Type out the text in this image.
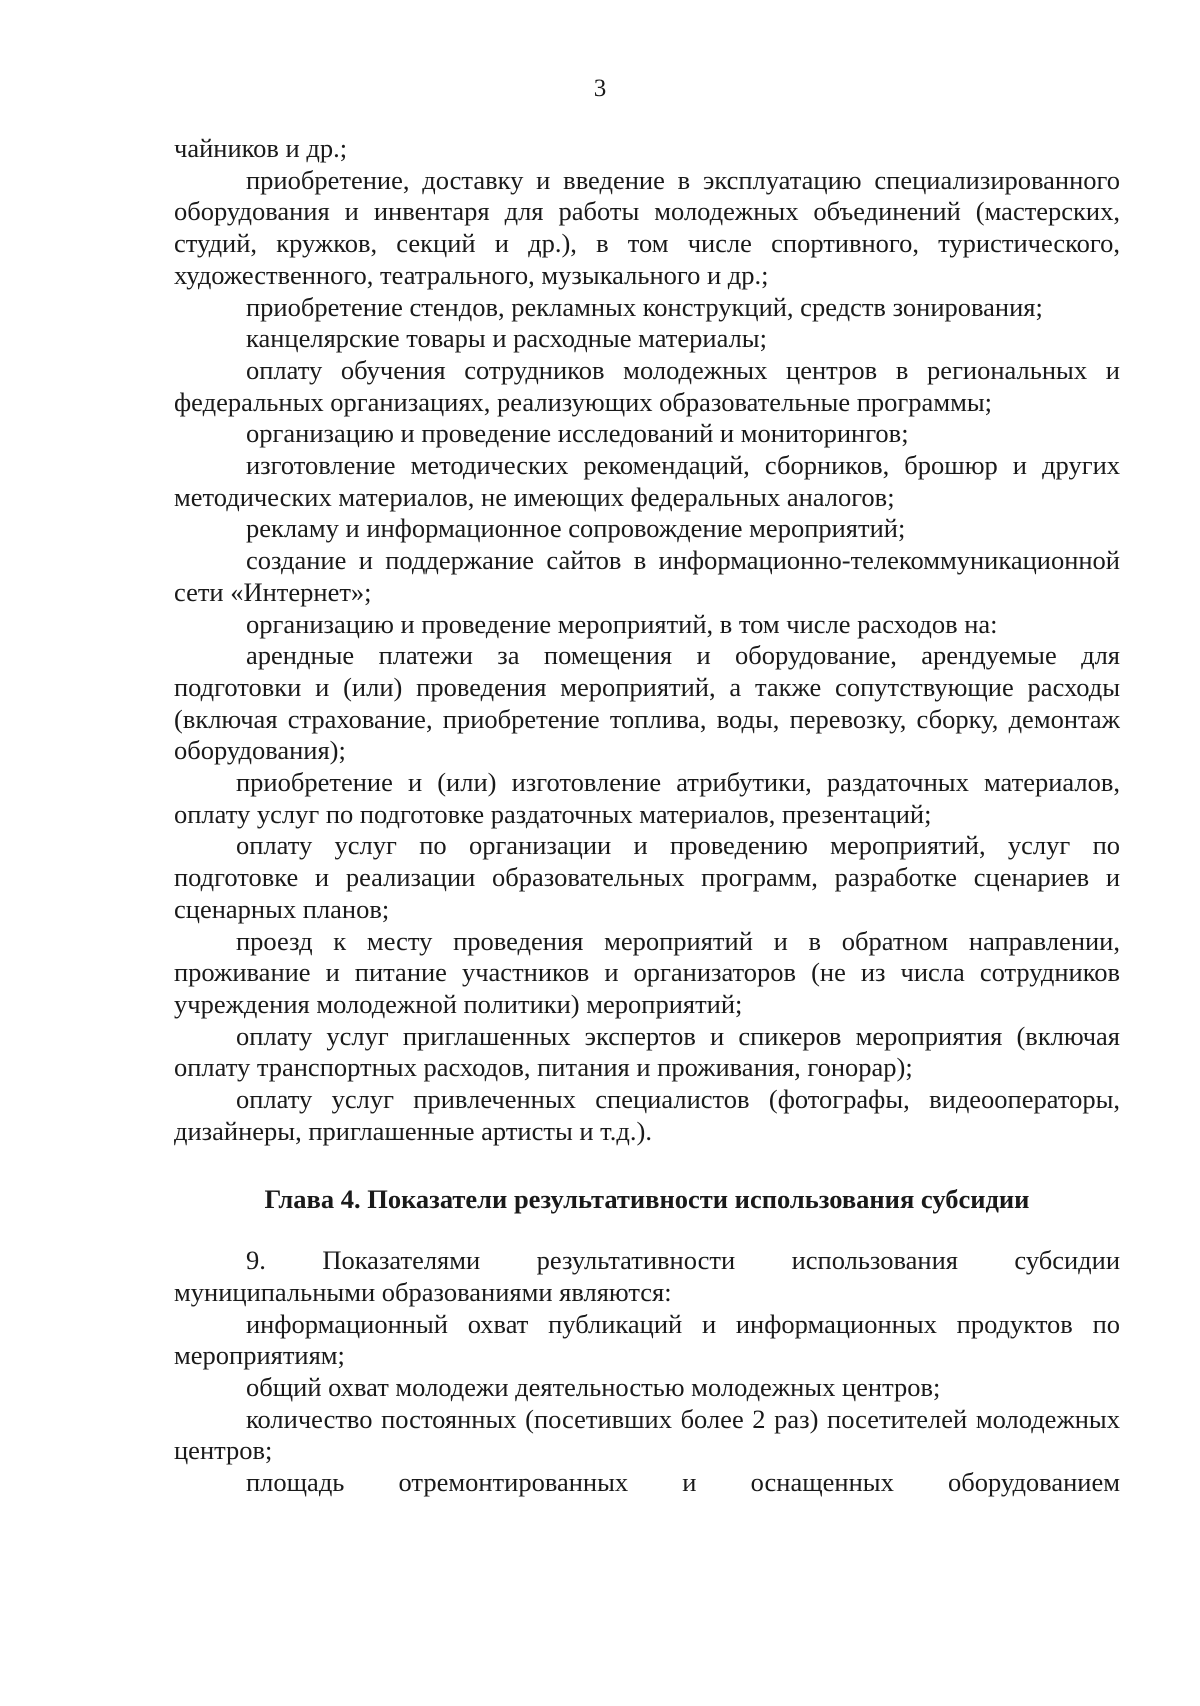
3

чайников и др.;

приобретение, доставку и введение в эксплуатацию специализированного оборудования и инвентаря для работы молодежных объединений (мастерских, студий, кружков, секций и др.), в том числе спортивного, туристического, художественного, театрального, музыкального и др.;

приобретение стендов, рекламных конструкций, средств зонирования;

канцелярские товары и расходные материалы;

оплату обучения сотрудников молодежных центров в региональных и федеральных организациях, реализующих образовательные программы;

организацию и проведение исследований и мониторингов;

изготовление методических рекомендаций, сборников, брошюр и других методических материалов, не имеющих федеральных аналогов;

рекламу и информационное сопровождение мероприятий;

создание и поддержание сайтов в информационно-телекоммуникационной сети «Интернет»;

организацию и проведение мероприятий, в том числе расходов на:

арендные платежи за помещения и оборудование, арендуемые для подготовки и (или) проведения мероприятий, а также сопутствующие расходы (включая страхование, приобретение топлива, воды, перевозку, сборку, демонтаж оборудования);

приобретение и (или) изготовление атрибутики, раздаточных материалов, оплату услуг по подготовке раздаточных материалов, презентаций;

оплату услуг по организации и проведению мероприятий, услуг по подготовке и реализации образовательных программ, разработке сценариев и сценарных планов;

проезд к месту проведения мероприятий и в обратном направлении, проживание и питание участников и организаторов (не из числа сотрудников учреждения молодежной политики) мероприятий;

оплату услуг приглашенных экспертов и спикеров мероприятия (включая оплату транспортных расходов, питания и проживания, гонорар);

оплату услуг привлеченных специалистов (фотографы, видеооператоры, дизайнеры, приглашенные артисты и т.д.).

Глава 4. Показатели результативности использования субсидии

9. Показателями результативности использования субсидии муниципальными образованиями являются:

информационный охват публикаций и информационных продуктов по мероприятиям;

общий охват молодежи деятельностью молодежных центров;

количество постоянных (посетивших более 2 раз) посетителей молодежных центров;

площадь отремонтированных и оснащенных оборудованием
